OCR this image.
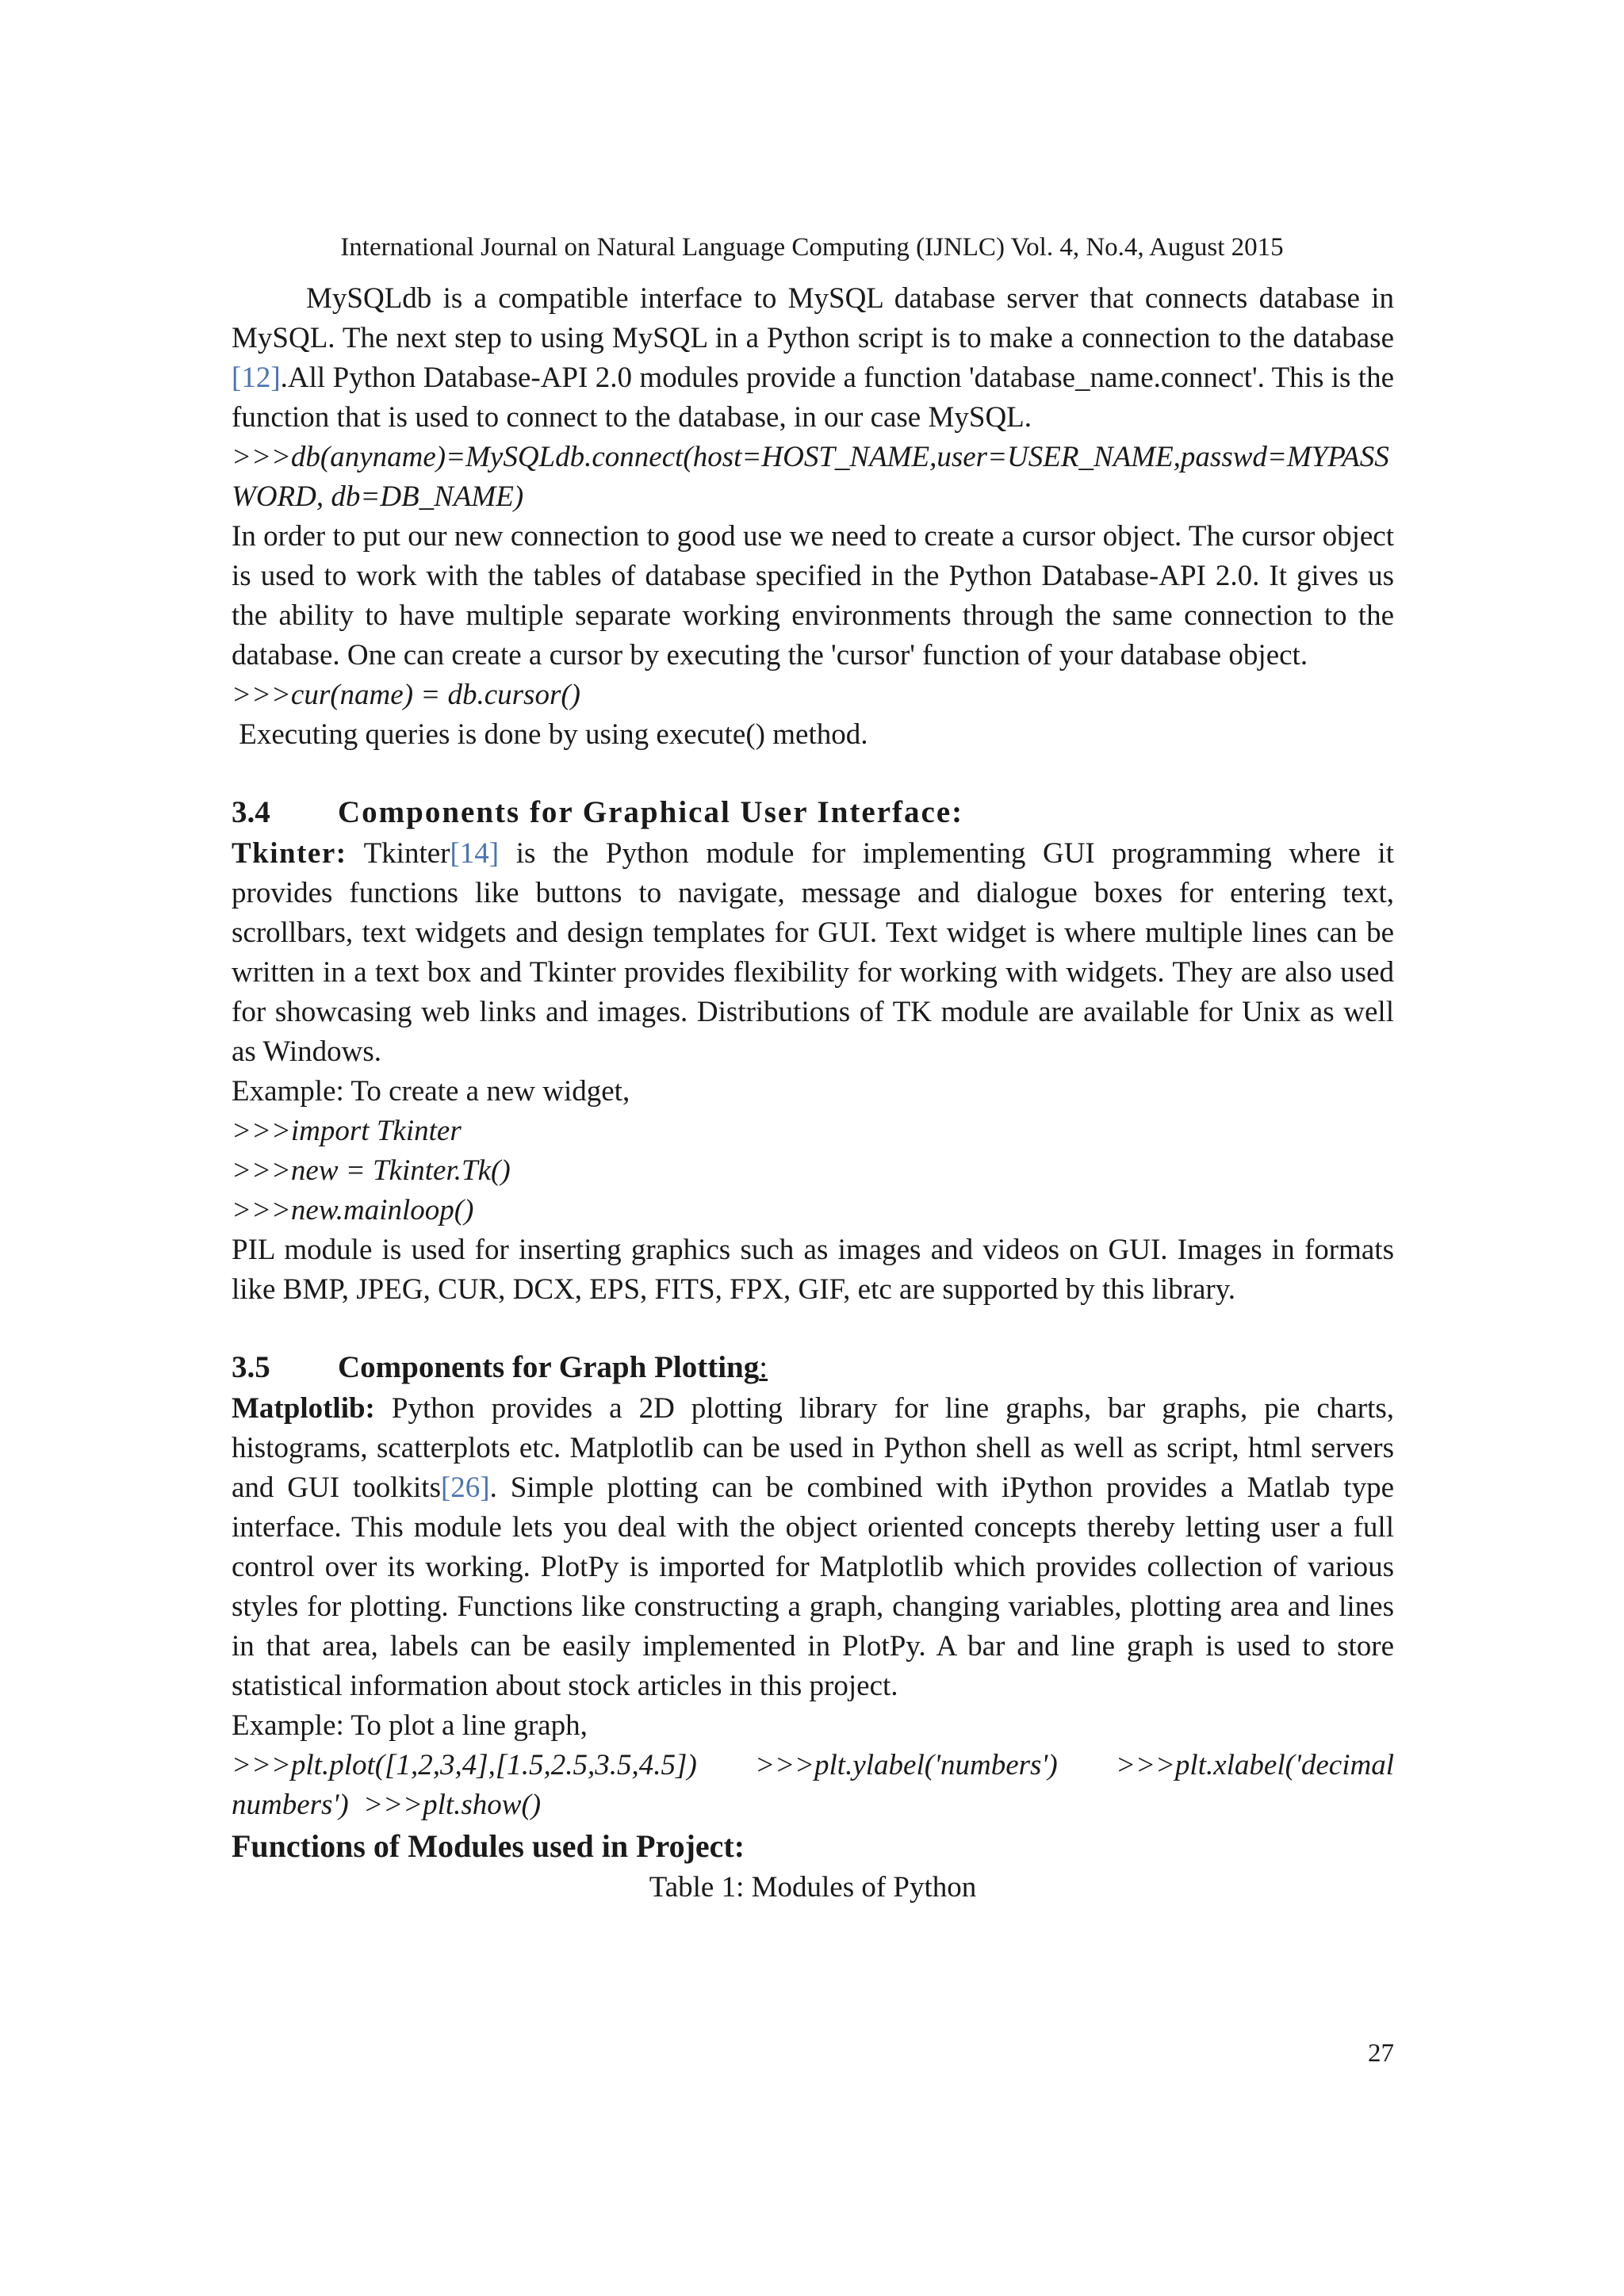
International Journal on Natural Language Computing (IJNLC) Vol. 4, No.4, August 2015

MySQLdb is a compatible interface to MySQL database server that connects database in MySQL. The next step to using MySQL in a Python script is to make a connection to the database [12].All Python Database-API 2.0 modules provide a function 'database_name.connect'. This is the function that is used to connect to the database, in our case MySQL.

>>>db(anyname)=MySQLdb.connect(host=HOST_NAME,user=USER_NAME,passwd=MYPASSWORD, db=DB_NAME)

In order to put our new connection to good use we need to create a cursor object. The cursor object is used to work with the tables of database specified in the Python Database-API 2.0. It gives us the ability to have multiple separate working environments through the same connection to the database. One can create a cursor by executing the 'cursor' function of your database object.

>>>cur(name) = db.cursor()

Executing queries is done by using execute() method.

3.4 Components for Graphical User Interface:

Tkinter: Tkinter[14] is the Python module for implementing GUI programming where it provides functions like buttons to navigate, message and dialogue boxes for entering text, scrollbars, text widgets and design templates for GUI. Text widget is where multiple lines can be written in a text box and Tkinter provides flexibility for working with widgets. They are also used for showcasing web links and images. Distributions of TK module are available for Unix as well as Windows.

Example: To create a new widget,

>>>import Tkinter

>>>new = Tkinter.Tk()

>>>new.mainloop()

PIL module is used for inserting graphics such as images and videos on GUI. Images in formats like BMP, JPEG, CUR, DCX, EPS, FITS, FPX, GIF, etc are supported by this library.

3.5 Components for Graph Plotting:

Matplotlib: Python provides a 2D plotting library for line graphs, bar graphs, pie charts, histograms, scatterplots etc. Matplotlib can be used in Python shell as well as script, html servers and GUI toolkits[26]. Simple plotting can be combined with iPython provides a Matlab type interface. This module lets you deal with the object oriented concepts thereby letting user a full control over its working. PlotPy is imported for Matplotlib which provides collection of various styles for plotting. Functions like constructing a graph, changing variables, plotting area and lines in that area, labels can be easily implemented in PlotPy. A bar and line graph is used to store statistical information about stock articles in this project.

Example: To plot a line graph,

>>>plt.plot([1,2,3,4],[1.5,2.5,3.5,4.5]) >>>plt.ylabel('numbers') >>>plt.xlabel('decimal

numbers')  >>>plt.show()

Functions of Modules used in Project:

Table 1: Modules of Python

27
